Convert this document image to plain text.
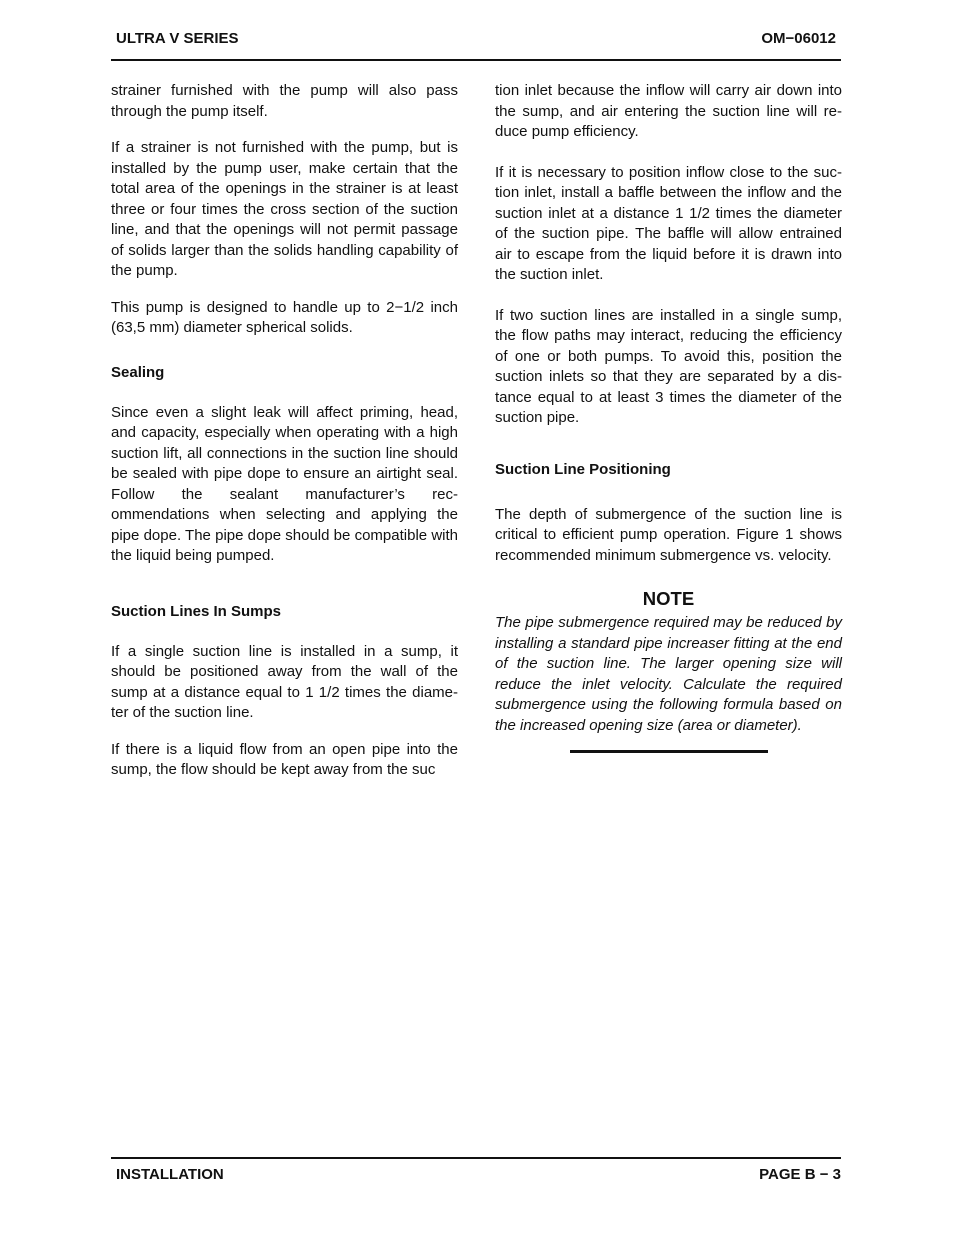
ULTRA V SERIES	OM−06012

strainer furnished with the pump will also pass through the pump itself.

If a strainer is not furnished with the pump, but is installed by the pump user, make certain that the total area of the openings in the strainer is at least three or four times the cross section of the suction line, and that the openings will not permit passage of solids larger than the solids handling capability of the pump.

This pump is designed to handle up to 2−1/2 inch (63,5 mm) diameter spherical solids.

Sealing

Since even a slight leak will affect priming, head, and capacity, especially when operating with a high suction lift, all connections in the suction line should be sealed with pipe dope to ensure an airtight seal. Follow the sealant manufacturer’s recommendations when selecting and applying the pipe dope. The pipe dope should be compatible with the liquid being pumped.

Suction Lines In Sumps

If a single suction line is installed in a sump, it should be positioned away from the wall of the sump at a distance equal to 1 1/2 times the diameter of the suction line.

If there is a liquid flow from an open pipe into the sump, the flow should be kept away from the suc

tion inlet because the inflow will carry air down into the sump, and air entering the suction line will reduce pump efficiency.

If it is necessary to position inflow close to the suction inlet, install a baffle between the inflow and the suction inlet at a distance 1 1/2 times the diameter of the suction pipe. The baffle will allow entrained air to escape from the liquid before it is drawn into the suction inlet.

If two suction lines are installed in a single sump, the flow paths may interact, reducing the efficiency of one or both pumps. To avoid this, position the suction inlets so that they are separated by a distance equal to at least 3 times the diameter of the suction pipe.

Suction Line Positioning

The depth of submergence of the suction line is critical to efficient pump operation. Figure 1 shows recommended minimum submergence vs. velocity.

NOTE

The pipe submergence required may be reduced by installing a standard pipe increaser fitting at the end of the suction line. The larger opening size will reduce the inlet velocity. Calculate the required submergence using the following formula based on the increased opening size (area or diameter).

INSTALLATION	PAGE B − 3
